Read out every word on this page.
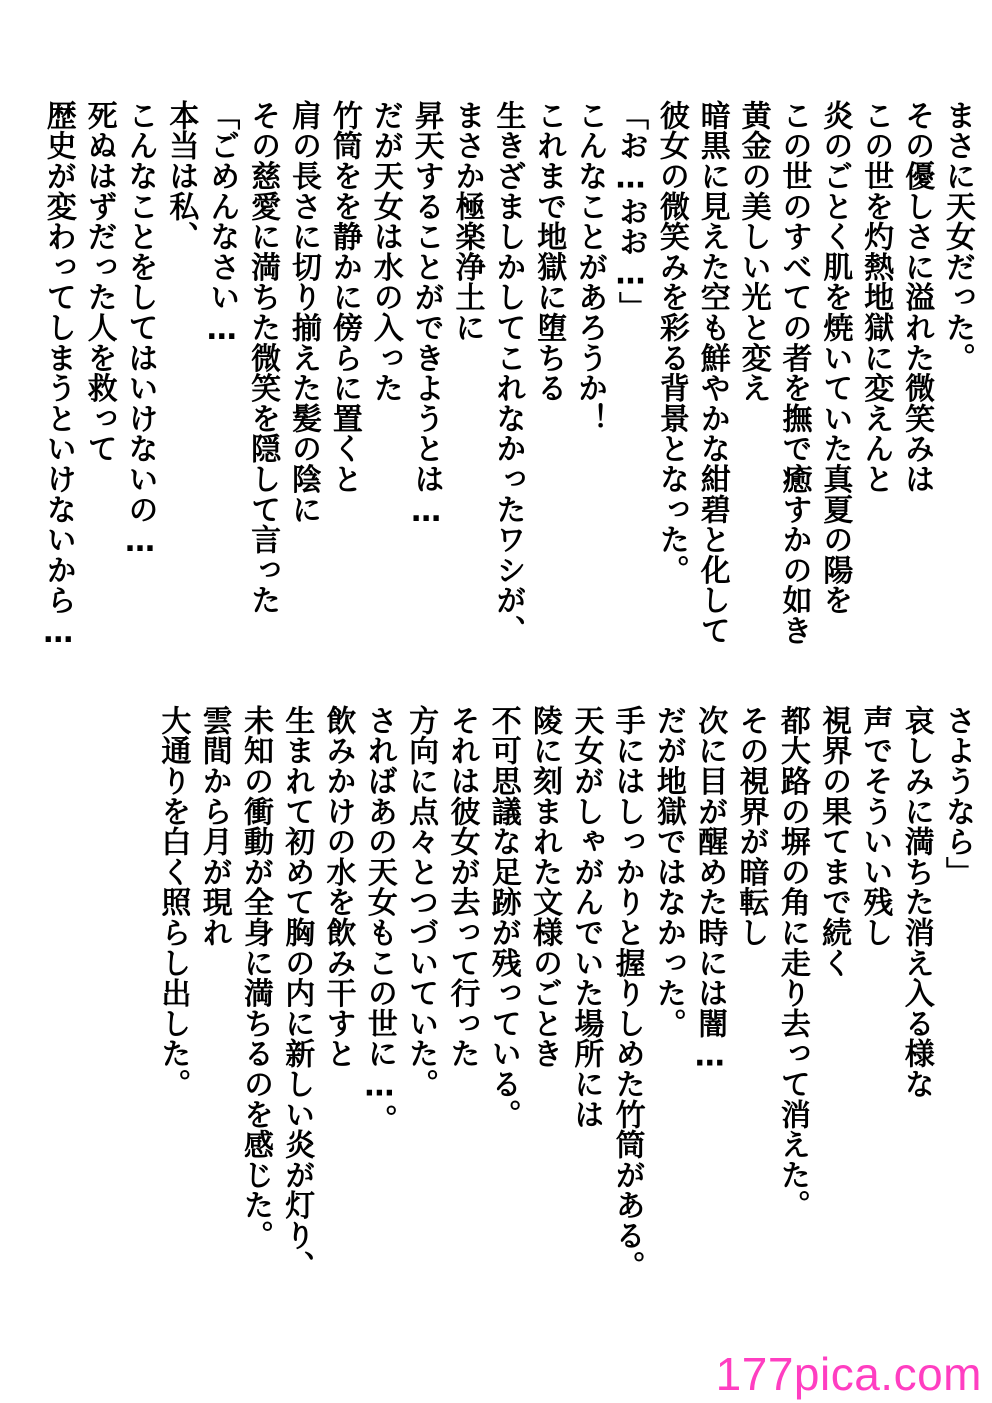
まさに天女だった。
その優しさに溢れた微笑みは
この世を灼熱地獄に変えんと
炎のごとく肌を焼いていた真夏の陽を
この世のすべての者を撫で癒すかの如き
黄金の美しい光と変え
暗黒に見えた空も鮮やかな紺碧と化して
彼女の微笑みを彩る背景となった。
「お…おお…」
こんなことがあろうか！
これまで地獄に堕ちる
生きざましかしてこれなかったワシが、
まさか極楽浄土に
昇天することができようとは…
だが天女は水の入った
竹筒をを静かに傍らに置くと
肩の長さに切り揃えた髪の陰に
その慈愛に満ちた微笑を隠して言った
「ごめんなさい…
本当は私、
こんなことをしてはいけないの…
死ぬはずだった人を救って
歴史が変わってしまうといけないから…
さようなら」
哀しみに満ちた消え入る様な
声でそういい残し
視界の果てまで続く
都大路の塀の角に走り去って消えた。
その視界が暗転し
次に目が醒めた時には闇…
だが地獄ではなかった。
手にはしっかりと握りしめた竹筒がある。
天女がしゃがんでいた場所には
陵に刻まれた文様のごとき
不可思議な足跡が残っている。
それは彼女が去って行った
方向に点々とつづいていた。
さればあの天女もこの世に…。
飲みかけの水を飲み干すと
生まれて初めて胸の内に新しい炎が灯り、
未知の衝動が全身に満ちるのを感じた。
雲間から月が現れ
大通りを白く照らし出した。
177pica.com
